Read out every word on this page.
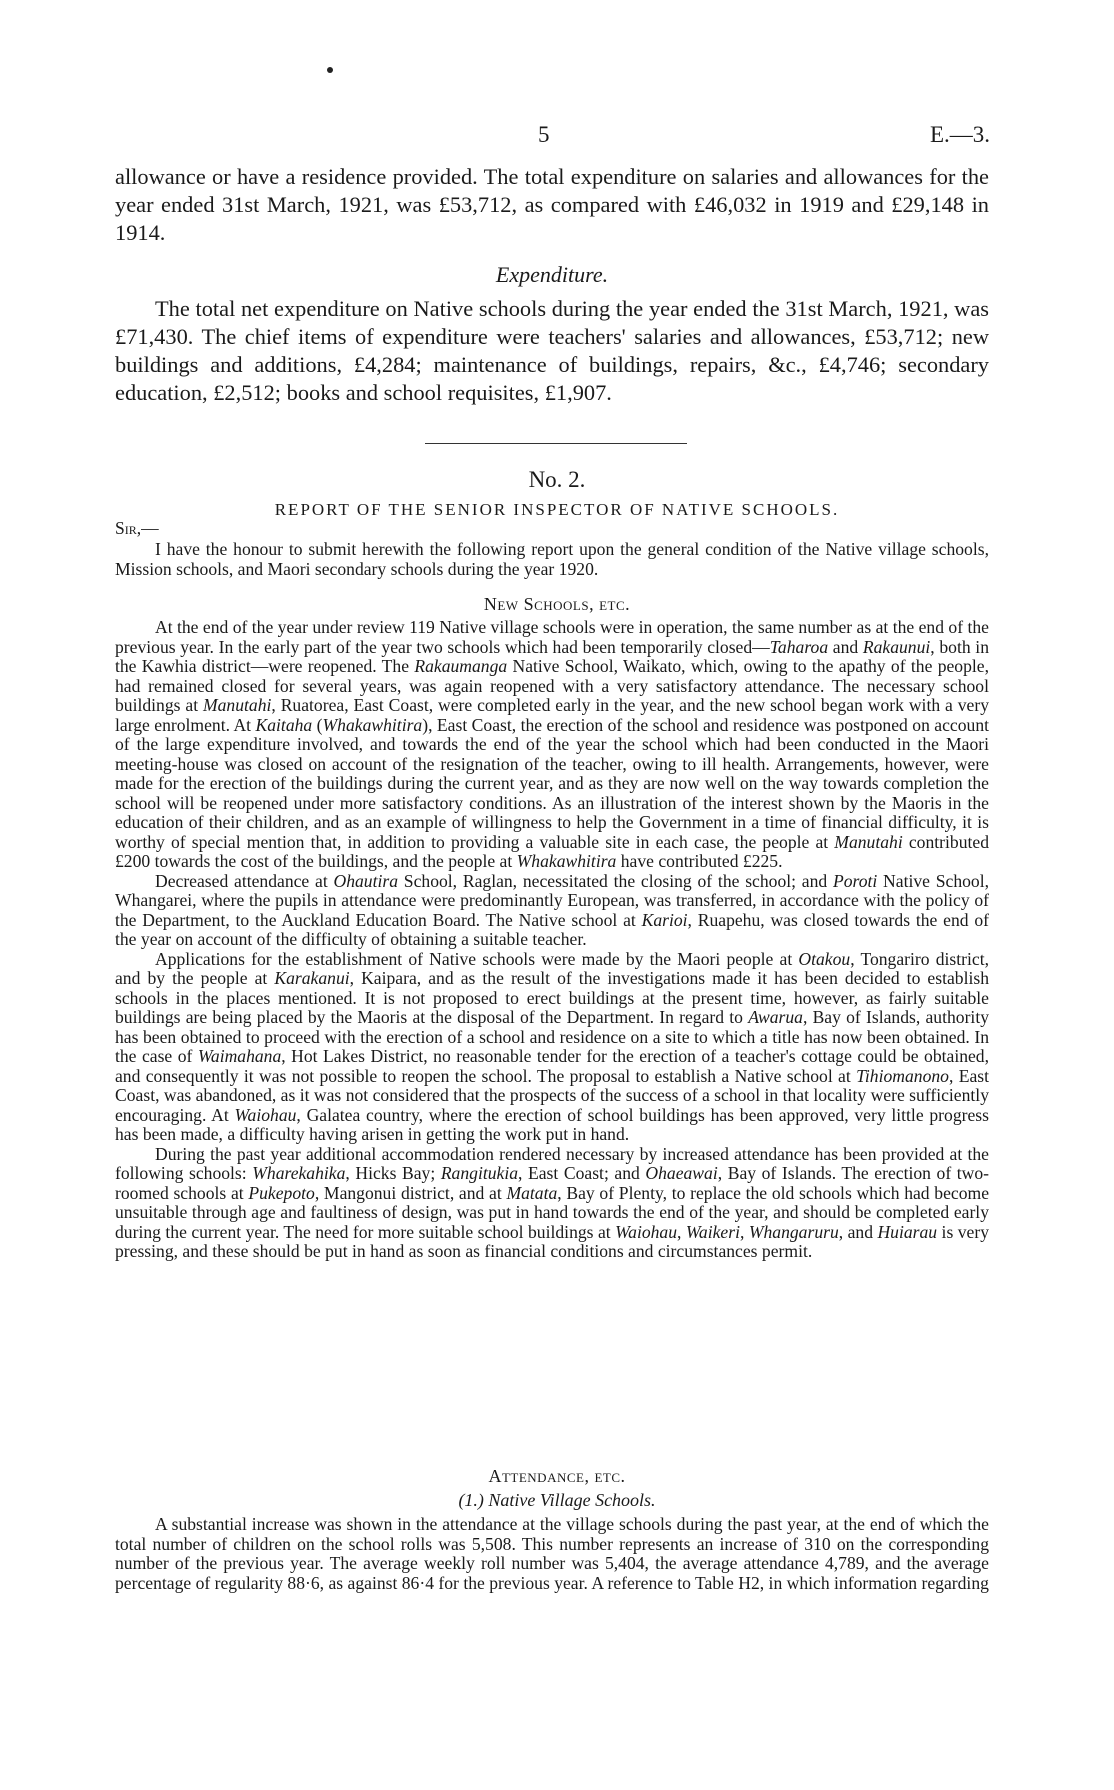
5	E.—3.
allowance or have a residence provided. The total expenditure on salaries and allowances for the year ended 31st March, 1921, was £53,712, as compared with £46,032 in 1919 and £29,148 in 1914.
Expenditure.
The total net expenditure on Native schools during the year ended the 31st March, 1921, was £71,430. The chief items of expenditure were teachers' salaries and allowances, £53,712; new buildings and additions, £4,284; maintenance of buildings, repairs, &c., £4,746; secondary education, £2,512; books and school requisites, £1,907.
No. 2.
REPORT OF THE SENIOR INSPECTOR OF NATIVE SCHOOLS.
Sir,—
I have the honour to submit herewith the following report upon the general condition of the Native village schools, Mission schools, and Maori secondary schools during the year 1920.
New Schools, etc.

At the end of the year under review 119 Native village schools were in operation, the same number as at the end of the previous year. In the early part of the year two schools which had been temporarily closed—Taharoa and Rakaunui, both in the Kawhia district—were reopened. The Rakaumanga Native School, Waikato, which, owing to the apathy of the people, had remained closed for several years, was again reopened with a very satisfactory attendance. The necessary school buildings at Manutahi, Ruatorea, East Coast, were completed early in the year, and the new school began work with a very large enrolment. At Kaitaha (Whakawhitira), East Coast, the erection of the school and residence was postponed on account of the large expenditure involved, and towards the end of the year the school which had been conducted in the Maori meeting-house was closed on account of the resignation of the teacher, owing to ill health. Arrangements, however, were made for the erection of the buildings during the current year, and as they are now well on the way towards completion the school will be reopened under more satisfactory conditions. As an illustration of the interest shown by the Maoris in the education of their children, and as an example of willingness to help the Government in a time of financial difficulty, it is worthy of special mention that, in addition to providing a valuable site in each case, the people at Manutahi contributed £200 towards the cost of the buildings, and the people at Whakawhitira have contributed £225.

Decreased attendance at Ohautira School, Raglan, necessitated the closing of the school; and Poroti Native School, Whangarei, where the pupils in attendance were predominantly European, was transferred, in accordance with the policy of the Department, to the Auckland Education Board. The Native school at Karioi, Ruapehu, was closed towards the end of the year on account of the difficulty of obtaining a suitable teacher.

Applications for the establishment of Native schools were made by the Maori people at Otakou, Tongariro district, and by the people at Karakanui, Kaipara, and as the result of the investigations made it has been decided to establish schools in the places mentioned. It is not proposed to erect buildings at the present time, however, as fairly suitable buildings are being placed by the Maoris at the disposal of the Department. In regard to Awarua, Bay of Islands, authority has been obtained to proceed with the erection of a school and residence on a site to which a title has now been obtained. In the case of Waimahana, Hot Lakes District, no reasonable tender for the erection of a teacher's cottage could be obtained, and consequently it was not possible to reopen the school. The proposal to establish a Native school at Tihiomanono, East Coast, was abandoned, as it was not considered that the prospects of the success of a school in that locality were sufficiently encouraging. At Waiohau, Galatea country, where the erection of school buildings has been approved, very little progress has been made, a difficulty having arisen in getting the work put in hand.

During the past year additional accommodation rendered necessary by increased attendance has been provided at the following schools: Wharekahika, Hicks Bay; Rangitukia, East Coast; and Ohaeawai, Bay of Islands. The erection of two-roomed schools at Pukepoto, Mangonui district, and at Matata, Bay of Plenty, to replace the old schools which had become unsuitable through age and faultiness of design, was put in hand towards the end of the year, and should be completed early during the current year. The need for more suitable school buildings at Waiohau, Waikeri, Whangaruru, and Huiarau is very pressing, and these should be put in hand as soon as financial conditions and circumstances permit.

Attendance, etc.
(1.) Native Village Schools.
A substantial increase was shown in the attendance at the village schools during the past year, at the end of which the total number of children on the school rolls was 5,508. This number represents an increase of 310 on the corresponding number of the previous year. The average weekly roll number was 5,404, the average attendance 4,789, and the average percentage of regularity 88·6, as against 86·4 for the previous year. A reference to Table H2, in which information regarding
